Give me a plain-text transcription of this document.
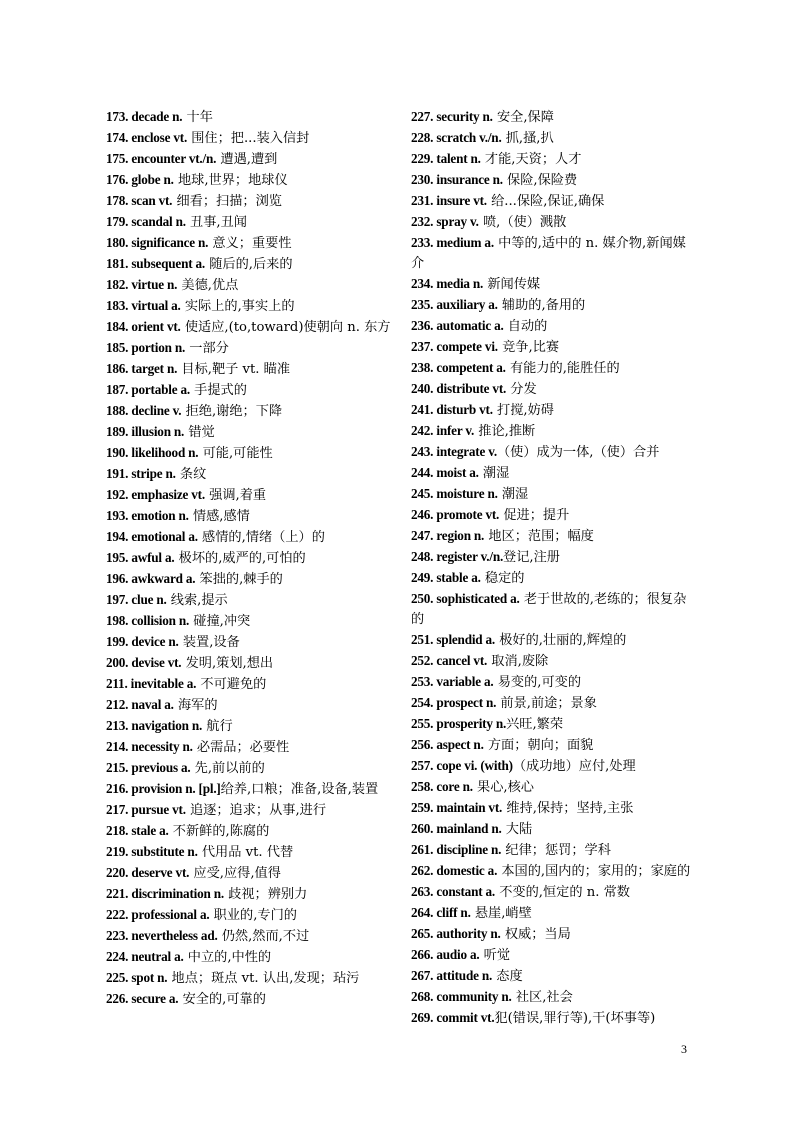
173. decade n. 十年

174. enclose vt. 围住；把...装入信封

175. encounter vt./n. 遭遇,遭到

176. globe n. 地球,世界；地球仪

178. scan vt. 细看；扫描；浏览

179. scandal n. 丑事,丑闻

180. significance n. 意义；重要性

181. subsequent a. 随后的,后来的

182. virtue n. 美德,优点

183. virtual a. 实际上的,事实上的

184. orient vt. 使适应,(to,toward)使朝向 n. 东方

185. portion n. 一部分

186. target n. 目标,靶子 vt. 瞄准

187. portable a. 手提式的

188. decline v. 拒绝,谢绝；下降

189. illusion n. 错觉

190. likelihood n. 可能,可能性

191. stripe n. 条纹

192. emphasize vt. 强调,着重

193. emotion n. 情感,感情

194. emotional a. 感情的,情绪（上）的

195. awful a. 极坏的,威严的,可怕的

196. awkward a. 笨拙的,棘手的

197. clue n. 线索,提示

198. collision n. 碰撞,冲突

199. device n. 装置,设备

200. devise vt. 发明,策划,想出

211. inevitable a. 不可避免的

212. naval a. 海军的

213. navigation n. 航行

214. necessity n. 必需品；必要性

215. previous a. 先,前以前的

216. provision n. [pl.]给养,口粮；准备,设备,装置

217. pursue vt. 追逐；追求；从事,进行

218. stale a. 不新鲜的,陈腐的

219. substitute n. 代用品 vt. 代替

220. deserve vt. 应受,应得,值得

221. discrimination n. 歧视；辨别力

222. professional a. 职业的,专门的

223. nevertheless ad. 仍然,然而,不过

224. neutral a. 中立的,中性的

225. spot n. 地点；斑点 vt. 认出,发现；玷污

226. secure a. 安全的,可靠的

227. security n. 安全,保障

228. scratch v./n. 抓,搔,扒

229. talent n. 才能,天资；人才

230. insurance n. 保险,保险费

231. insure vt. 给...保险,保证,确保

232. spray v. 喷,（使）溅散

233. medium a. 中等的,适中的 n. 媒介物,新闻媒介

234. media n. 新闻传媒

235. auxiliary a. 辅助的,备用的

236. automatic a. 自动的

237. compete vi. 竞争,比赛

238. competent a. 有能力的,能胜任的

240. distribute vt. 分发

241. disturb vt. 打搅,妨碍

242. infer v. 推论,推断

243. integrate v.（使）成为一体,（使）合并

244. moist a. 潮湿

245. moisture n. 潮湿

246. promote vt. 促进；提升

247. region n. 地区；范围；幅度

248. register v./n.登记,注册

249. stable a. 稳定的

250. sophisticated a. 老于世故的,老练的；很复杂的

251. splendid a. 极好的,壮丽的,辉煌的

252. cancel vt. 取消,废除

253. variable a. 易变的,可变的

254. prospect n. 前景,前途；景象

255. prosperity n.兴旺,繁荣

256. aspect n. 方面；朝向；面貌

257. cope vi. (with)（成功地）应付,处理

258. core n. 果心,核心

259. maintain vt. 维持,保持；坚持,主张

260. mainland n. 大陆

261. discipline n. 纪律；惩罚；学科

262. domestic a. 本国的,国内的；家用的；家庭的

263. constant a. 不变的,恒定的 n. 常数

264. cliff n. 悬崖,峭壁

265. authority n. 权威；当局

266. audio a. 听觉

267. attitude n. 态度

268. community n. 社区,社会

269. commit vt.犯(错误,罪行等),干(坏事等)

3
